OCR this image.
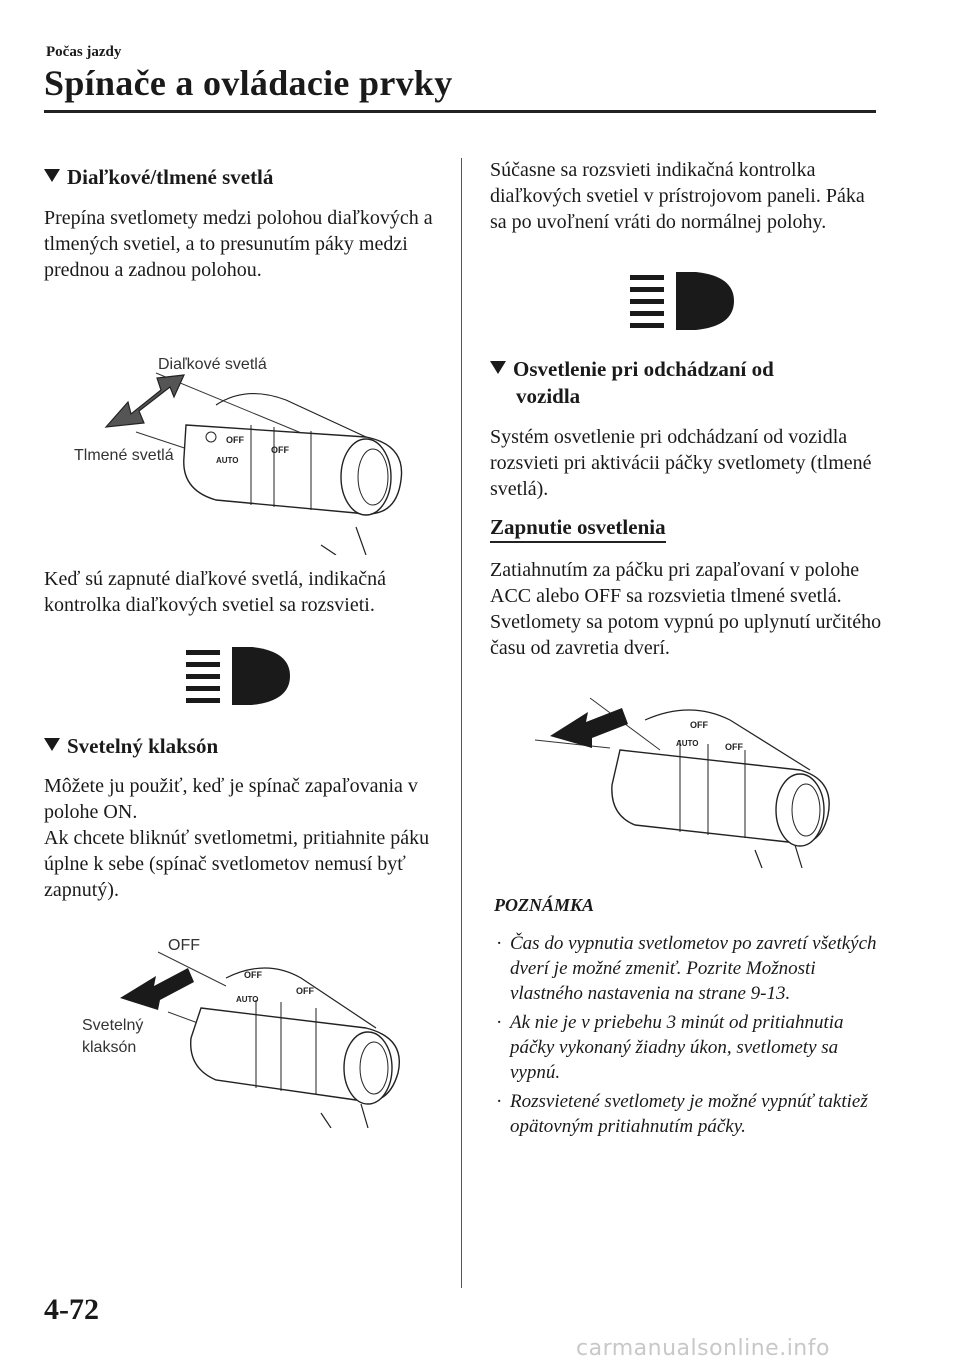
Počas jazdy
Spínače a ovládacie prvky
Diaľkové/tlmené svetlá

Prepína svetlomety medzi polohou diaľkových a tlmených svetiel, a to presunutím páky medzi prednou a zadnou polohou.

Diaľkové svetlá
Tlmené svetlá
OFF
OFF
AUTO

Keď sú zapnuté diaľkové svetlá, indikačná kontrolka diaľkových svetiel sa rozsvieti.

Svetelný klaksón

Môžete ju použiť, keď je spínač zapaľovania v polohe ON.

Ak chcete bliknúť svetlometmi, pritiahnite páku úplne k sebe (spínač svetlometov nemusí byť zapnutý).

OFF
Svetelný
klaksón
OFF
OFF
AUTO

Súčasne sa rozsvieti indikačná kontrolka diaľkových svetiel v prístrojovom paneli. Páka sa po uvoľnení vráti do normálnej polohy.

Osvetlenie pri odchádzaní od
vozidla

Systém osvetlenie pri odchádzaní od vozidla rozsvieti pri aktivácii páčky svetlomety (tlmené svetlá).

Zapnutie osvetlenia

Zatiahnutím za páčku pri zapaľovaní v polohe ACC alebo OFF sa rozsvietia tlmené svetlá.

Svetlomety sa potom vypnú po uplynutí určitého času od zavretia dverí.

OFF
OFF
AUTO
POZNÁMKA
· Čas do vypnutia svetlometov po zavretí všetkých dverí je možné zmeniť. Pozrite Možnosti vlastného nastavenia na strane 9-13.
· Ak nie je v priebehu 3 minút od pritiahnutia páčky vykonaný žiadny úkon, svetlomety sa vypnú.
· Rozsvietené svetlomety je možné vypnúť taktiež opätovným pritiahnutím páčky.
4-72
carmanualsonline.info
